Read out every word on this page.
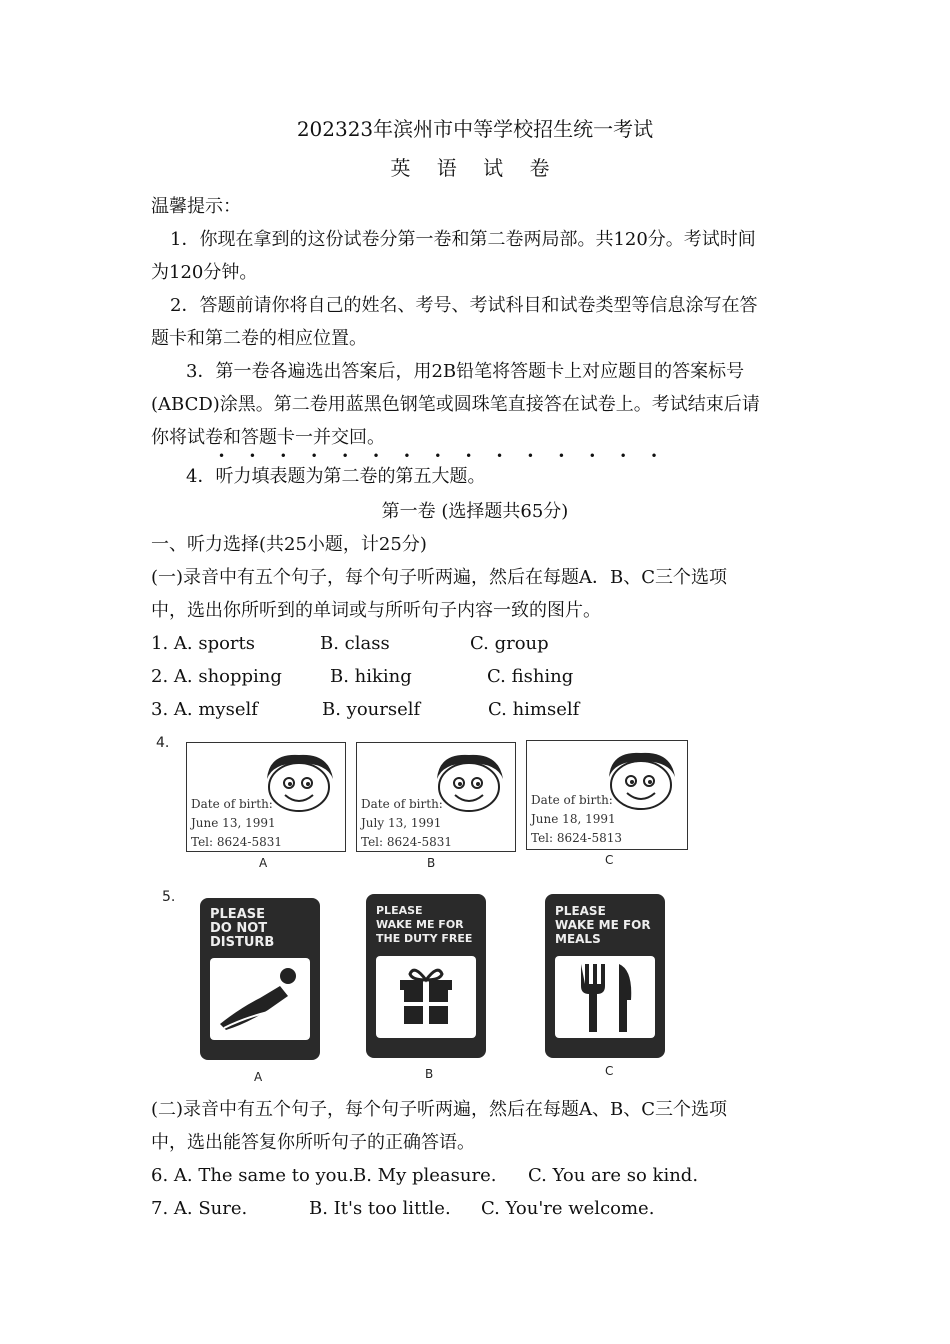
202323年滨州市中等学校招生统一考试
英 语 试 卷
温馨提示：
1．你现在拿到的这份试卷分第一卷和第二卷两局部。共120分。考试时间
为120分钟。
2．答题前请你将自己的姓名、考号、考试科目和试卷类型等信息涂写在答
题卡和第二卷的相应位置。
3．第一卷各遍选出答案后，用2B铅笔将答题卡上对应题目的答案标号
(ABCD)涂黑。第二卷用蓝黑色钢笔或圆珠笔直接答在试卷上。考试结束后请
你将试卷和答题卡一并交回。
• • • • • • • • • • • • • • •
4．听力填表题为第二卷的第五大题。
第一卷 (选择题共65分)
一、听力选择(共25小题，计25分)
(一)录音中有五个句子，每个句子听两遍，然后在每题A．B、C三个选项
中，选出你所听到的单词或与所听句子内容一致的图片。
1. A. sports	B. class	C. group
2. A. shopping	B. hiking	C. fishing
3. A. myself	B. yourself	C. himself
4.
Date of birth:
June 13, 1991
Tel: 8624-5831
A
Date of birth:
July 13, 1991
Tel: 8624-5831
B
Date of birth:
June 18, 1991
Tel: 8624-5813
C
5.
PLEASE
DO NOT
DISTURB
A
PLEASE
WAKE ME FOR
THE DUTY FREE
B
PLEASE
WAKE ME FOR
MEALS
C
(二)录音中有五个句子，每个句子听两遍，然后在每题A、B、C三个选项
中，选出能答复你所听句子的正确答语。
6. A. The same to you. B. My pleasure. C. You are so kind.
7. A. Sure.	B. It's too little. C. You're welcome.
